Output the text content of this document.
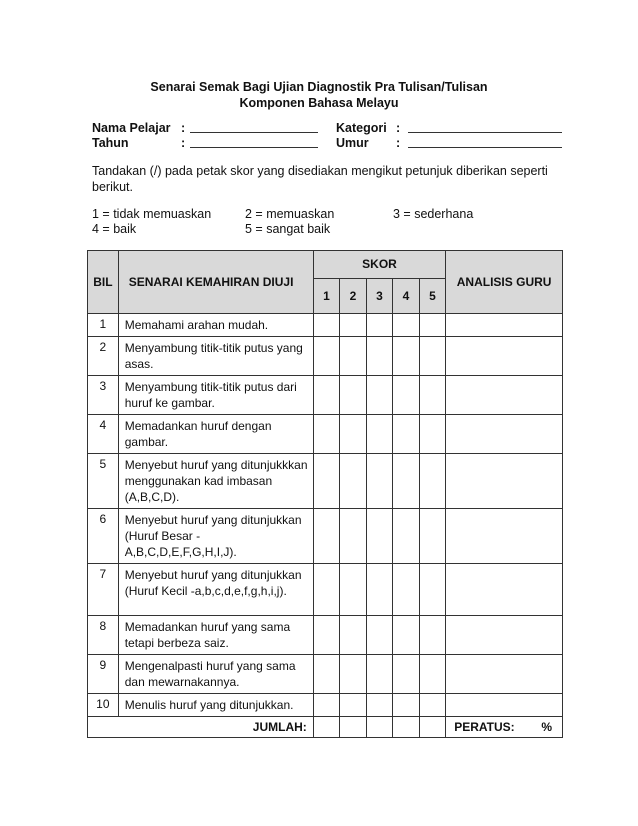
Senarai Semak Bagi Ujian Diagnostik Pra Tulisan/Tulisan
Komponen Bahasa Melayu
Nama Pelajar :
Tahun	:
Kategori :
Umur :
Tandakan (/) pada petak skor yang disediakan mengikut petunjuk diberikan seperti berikut.
1 = tidak memuaskan	2 = memuaskan	3 = sederhana
4 = baik	5 = sangat baik
BIL	SENARAI KEMAHIRAN DIUJI	SKOR					ANALISIS GURU
		1	2	3	4	5	
1	Memahami arahan mudah.						
2	Menyambung titik-titik putus yang asas.						
3	Menyambung titik-titik putus dari huruf ke gambar.						
4	Memadankan huruf dengan gambar.						
5	Menyebut huruf yang ditunjukkkan menggunakan kad imbasan (A,B,C,D).						
6	Menyebut huruf yang ditunjukkan (Huruf Besar -A,B,C,D,E,F,G,H,I,J).						
7	Menyebut huruf yang ditunjukkan (Huruf Kecil -a,b,c,d,e,f,g,h,i,j).						
8	Memadankan huruf yang sama tetapi berbeza saiz.						
9	Mengenalpasti huruf yang sama dan mewarnakannya.						
10	Menulis huruf yang ditunjukkan.						
JUMLAH:							PERATUS: %
